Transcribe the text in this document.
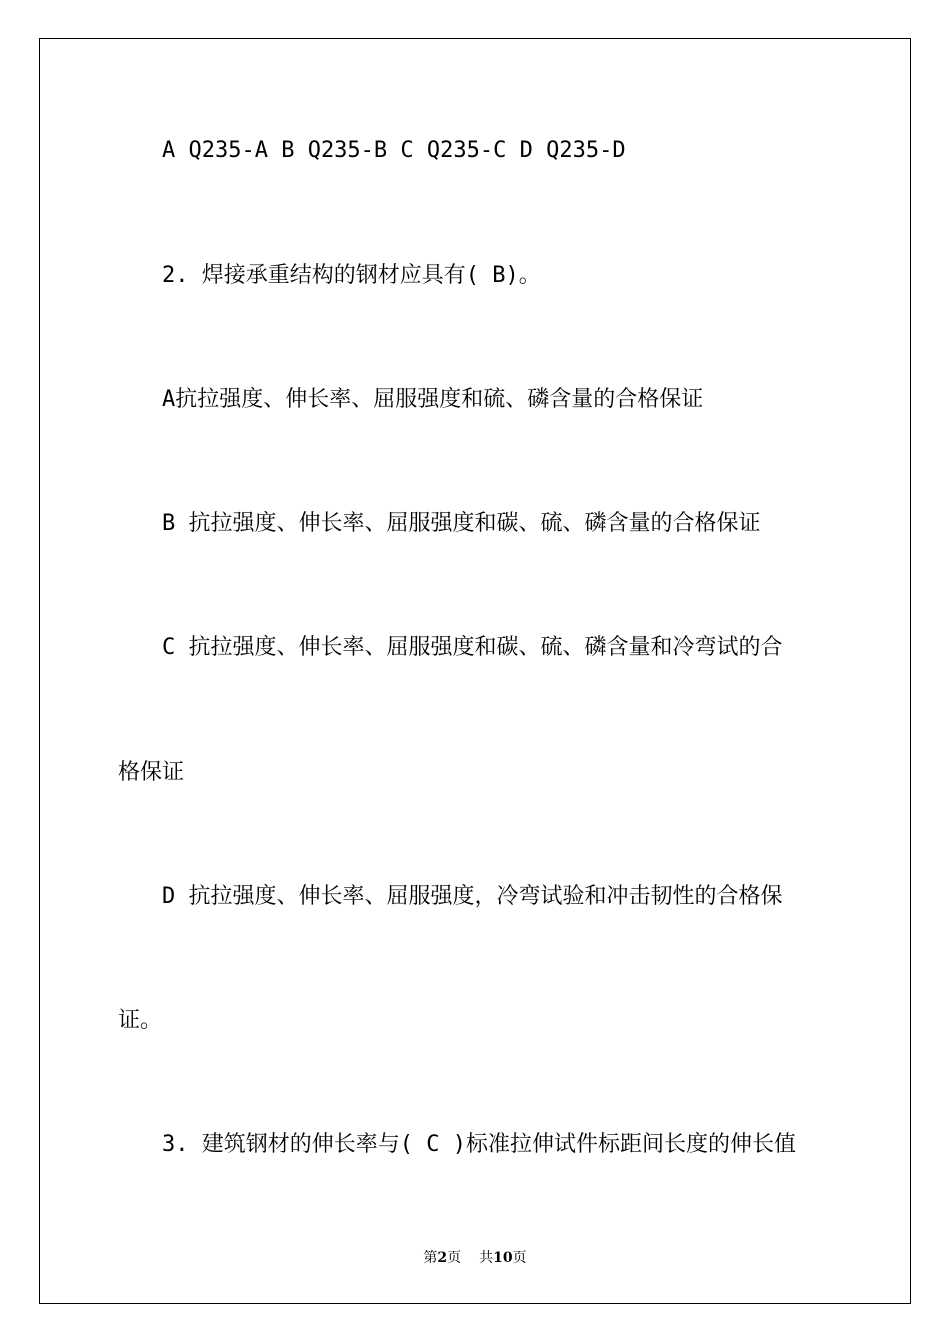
A Q235-A B Q235-B C Q235-C D Q235-D
2. 焊接承重结构的钢材应具有( B)。
A抗拉强度、伸长率、屈服强度和硫、磷含量的合格保证
B 抗拉强度、伸长率、屈服强度和碳、硫、磷含量的合格保证
C 抗拉强度、伸长率、屈服强度和碳、硫、磷含量和冷弯试的合
格保证
D 抗拉强度、伸长率、屈服强度，冷弯试验和冲击韧性的合格保
证。
3. 建筑钢材的伸长率与( C )标准拉伸试件标距间长度的伸长值
第2页 共10页
